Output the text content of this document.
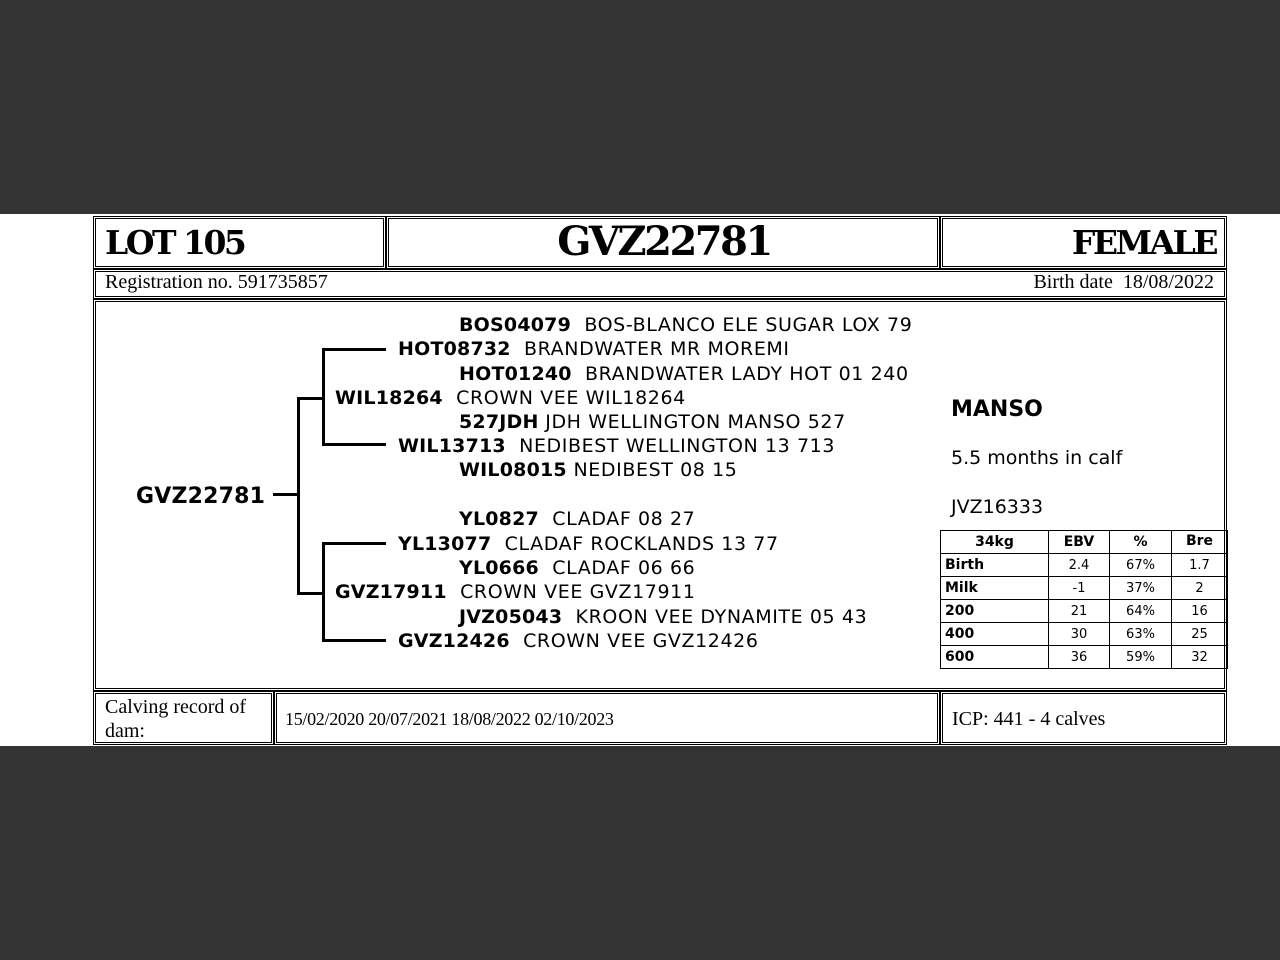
LOT 105	GVZ22781	FEMALE
Registration no. 591735857	Birth date 18/08/2022
GVZ22781
BOS04079 BOS-BLANCO ELE SUGAR LOX 79
HOT08732 BRANDWATER MR MOREMI
HOT01240 BRANDWATER LADY HOT 01 240
WIL18264 CROWN VEE WIL18264
527JDH JDH WELLINGTON MANSO 527
WIL13713 NEDIBEST WELLINGTON 13 713
WIL08015 NEDIBEST 08 15
YL0827 CLADAF 08 27
YL13077 CLADAF ROCKLANDS 13 77
YL0666 CLADAF 06 66
GVZ17911 CROWN VEE GVZ17911
JVZ05043 KROON VEE DYNAMITE 05 43
GVZ12426 CROWN VEE GVZ12426
MANSO
5.5 months in calf
JVZ16333
34kg	EBV	%	Bre
Birth	2.4	67%	1.7
Milk	-1	37%	2
200	21	64%	16
400	30	63%	25
600	36	59%	32
Calving record of dam:
15/02/2020 20/07/2021 18/08/2022 02/10/2023	ICP: 441 - 4 calves
